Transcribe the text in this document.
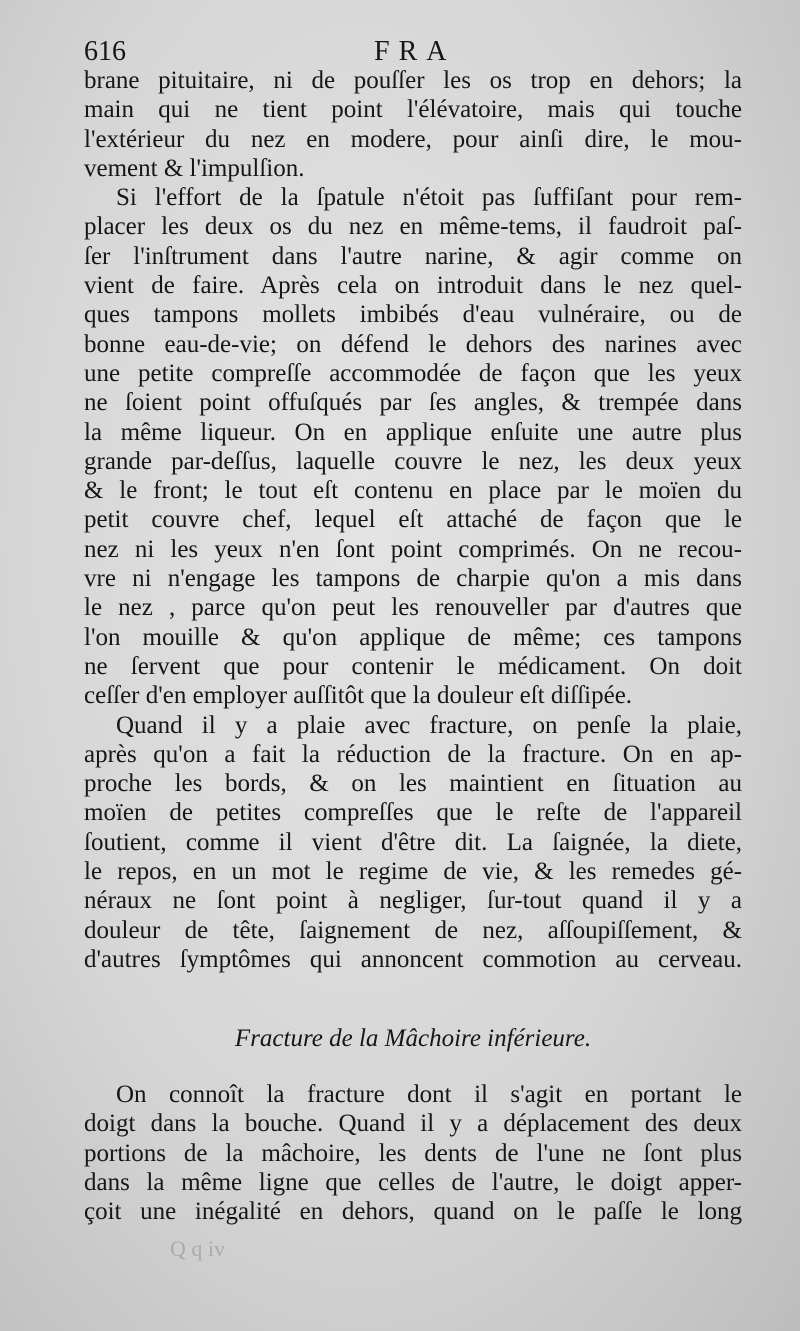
616	FRA
brane pituitaire, ni de pouſſer les os trop en dehors; la
main qui ne tient point l'élévatoire, mais qui touche
l'extérieur du nez en modere, pour ainſi dire, le mou-
vement & l'impulſion.
Si l'effort de la ſpatule n'étoit pas ſuffiſant pour rem-
placer les deux os du nez en même-tems, il faudroit paſ-
ſer l'inſtrument dans l'autre narine, & agir comme on
vient de faire. Après cela on introduit dans le nez quel-
ques tampons mollets imbibés d'eau vulnéraire, ou de
bonne eau-de-vie; on défend le dehors des narines avec
une petite compreſſe accommodée de façon que les yeux
ne ſoient point offuſqués par ſes angles, & trempée dans
la même liqueur. On en applique enſuite une autre plus
grande par-deſſus, laquelle couvre le nez, les deux yeux
& le front; le tout eſt contenu en place par le moïen du
petit couvre chef, lequel eſt attaché de façon que le
nez ni les yeux n'en ſont point comprimés. On ne recou-
vre ni n'engage les tampons de charpie qu'on a mis dans
le nez , parce qu'on peut les renouveller par d'autres que
l'on mouille & qu'on applique de même; ces tampons
ne ſervent que pour contenir le médicament. On doit
ceſſer d'en employer auſſitôt que la douleur eſt diſſipée.
Quand il y a plaie avec fracture, on penſe la plaie,
après qu'on a fait la réduction de la fracture. On en ap-
proche les bords, & on les maintient en ſituation au
moïen de petites compreſſes que le reſte de l'appareil
ſoutient, comme il vient d'être dit. La ſaignée, la diete,
le repos, en un mot le regime de vie, & les remedes gé-
néraux ne ſont point à negliger, ſur-tout quand il y a
douleur de tête, ſaignement de nez, aſſoupiſſement, &
d'autres ſymptômes qui annoncent commotion au cerveau.
Fracture de la Mâchoire inférieure.
On connoît la fracture dont il s'agit en portant le
doigt dans la bouche. Quand il y a déplacement des deux
portions de la mâchoire, les dents de l'une ne ſont plus
dans la même ligne que celles de l'autre, le doigt apper-
çoit une inégalité en dehors, quand on le paſſe le long
Q q iv
